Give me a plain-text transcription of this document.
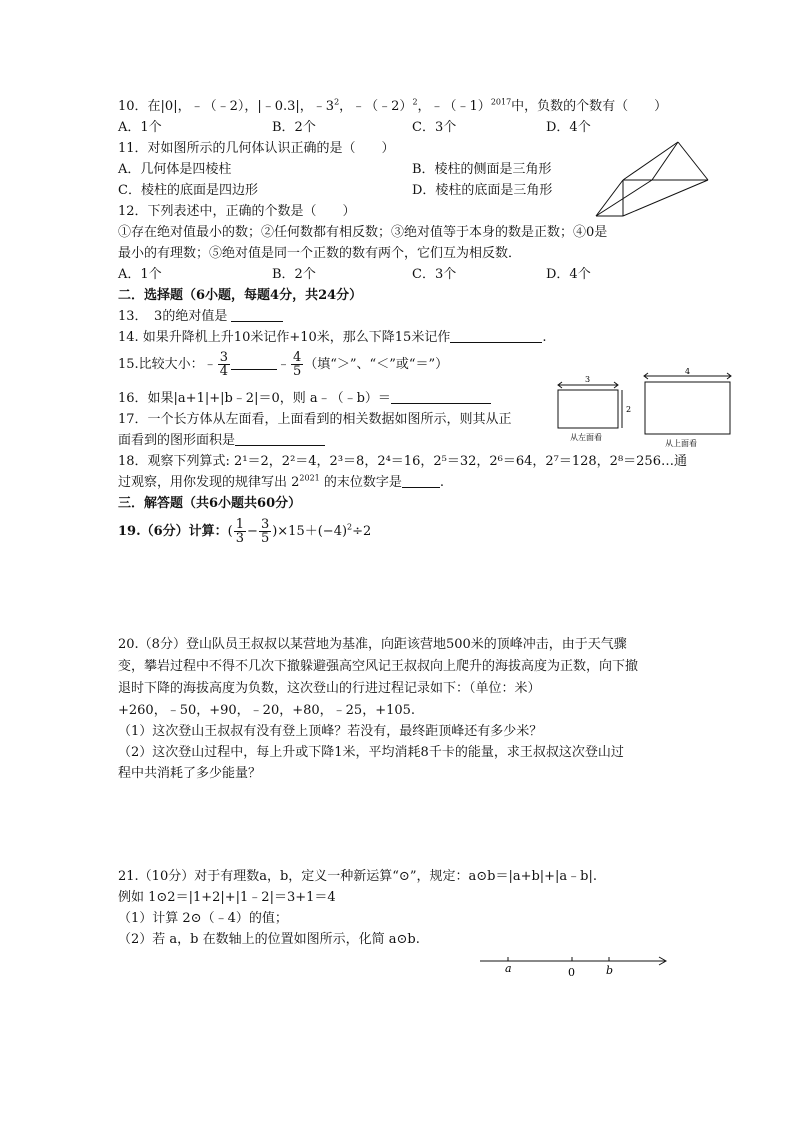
10．在|0|，﹣（﹣2），|﹣0.3|，$﹣3^2$，﹣（﹣2）$^2$，﹣（﹣1）$^{2017}$中，负数的个数有（　　）
A．1个	B．2个	C．3个	D．4个
11．对如图所示的几何体认识正确的是（　　）
A．几何体是四棱柱	B．棱柱的侧面是三角形
C．棱柱的底面是四边形	D．棱柱的底面是三角形
12．下列表述中，正确的个数是（　　）
①存在绝对值最小的数；②任何数都有相反数；③绝对值等于本身的数是正数；④0是
最小的有理数；⑤绝对值是同一个正数的数有两个，它们互为相反数．
A．1个	B．2个	C．3个	D．4个
二．选择题（6小题，每题4分，共24分）
13．　3的绝对值是
14. 如果升降机上升10米记作+10米，那么下降15米记作	.
15.比较大小：﹣ $\frac{3}{4}$	﹣ $\frac{4}{5}$ （填“＞”、“＜”或“＝”）
16．如果|a+1|+|b﹣2|＝0，则 a﹣（﹣b）＝
17．一个长方体从左面看，上面看到的相关数据如图所示，则其从正
面看到的图形面积是
3
2
4
从左面看
从上面看
18．观察下列算式: 2¹＝2，2²＝4，2³＝8，2⁴＝16，2⁵＝32，2⁶＝64，2⁷＝128，2⁸＝256…通
过观察，用你发现的规律写出 $2^{2021}$ 的末位数字是	.
三．解答题（共6小题共60分）
19.（6分）计算：( $\frac{1}{3} - \frac{3}{5} )\times 15+(-4)^2\div 2$
20.（8分）登山队员王叔叔以某营地为基准，向距该营地500米的顶峰冲击，由于天气骤
变，攀岩过程中不得不几次下撤躲避强高空风记王叔叔向上爬升的海拔高度为正数，向下撤
退时下降的海拔高度为负数，这次登山的行进过程记录如下：（单位：米）
+260，﹣50，+90，﹣20，+80，﹣25，+105.
（1）这次登山王叔叔有没有登上顶峰？若没有，最终距顶峰还有多少米？
（2）这次登山过程中，每上升或下降1米，平均消耗8千卡的能量，求王叔叔这次登山过
程中共消耗了多少能量？
21.（10分）对于有理数a，b，定义一种新运算“⊙”，规定：a⊙b＝|a+b|+|a﹣b|.
例如 1⊙2＝|1+2|+|1﹣2|＝3+1＝4
（1）计算 2⊙（﹣4）的值；
（2）若 a，b 在数轴上的位置如图所示，化简 a⊙b.
a	0	b
